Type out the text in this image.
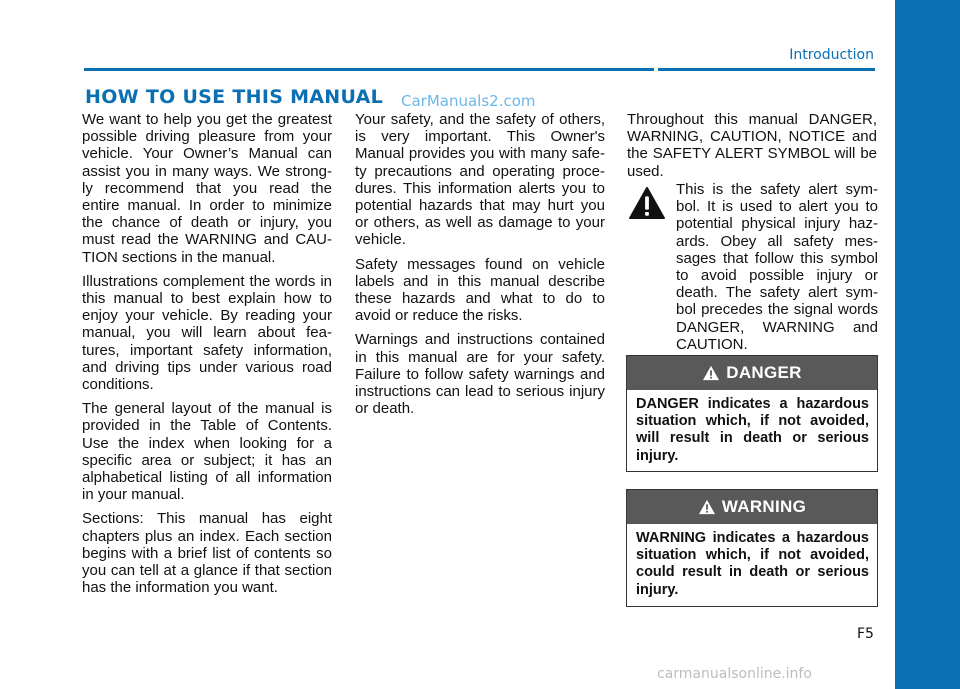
Introduction
HOW TO USE THIS MANUAL CarManuals2.com

We want to help you get the greatest possible driving pleasure from your vehicle. Your Owner’s Manual can assist you in many ways. We strong-ly recommend that you read the entire manual. In order to minimize the chance of death or injury, you must read the WARNING and CAU-TION sections in the manual.

Illustrations complement the words in this manual to best explain how to enjoy your vehicle. By reading your manual, you will learn about fea-tures, important safety information, and driving tips under various road conditions.

The general layout of the manual is provided in the Table of Contents. Use the index when looking for a specific area or subject; it has an alphabetical listing of all information in your manual.

Sections: This manual has eight chapters plus an index. Each section begins with a brief list of contents so you can tell at a glance if that section has the information you want.

Your safety, and the safety of others, is very important. This Owner's Manual provides you with many safe-ty precautions and operating proce-dures. This information alerts you to potential hazards that may hurt you or others, as well as damage to your vehicle.

Safety messages found on vehicle labels and in this manual describe these hazards and what to do to avoid or reduce the risks.

Warnings and instructions contained in this manual are for your safety. Failure to follow safety warnings and instructions can lead to serious injury or death.

Throughout this manual DANGER, WARNING, CAUTION, NOTICE and the SAFETY ALERT SYMBOL will be used.

This is the safety alert sym-bol. It is used to alert you to potential physical injury haz-ards. Obey all safety mes-sages that follow this symbol to avoid possible injury or death. The safety alert sym-bol precedes the signal words DANGER, WARNING and CAUTION.
DANGER
DANGER indicates a hazardous situation which, if not avoided, will result in death or serious injury.
WARNING
WARNING indicates a hazardous situation which, if not avoided, could result in death or serious injury.
F5
carmanualsonline.info
